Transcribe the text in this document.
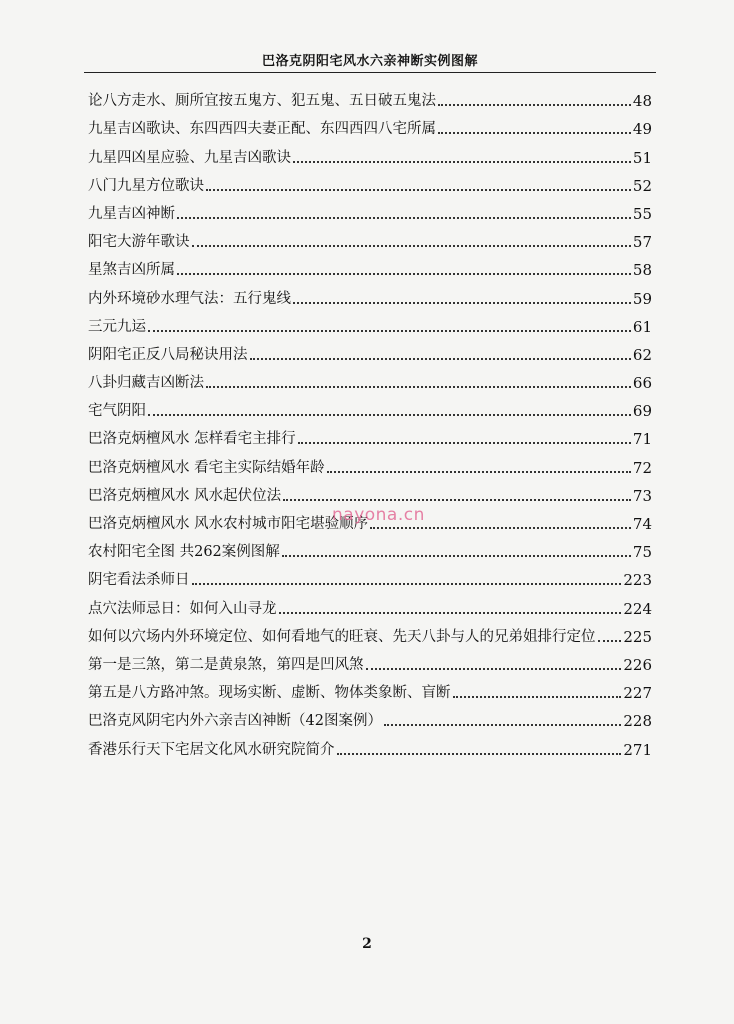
巴洛克阴阳宅风水六亲神断实例图解
论八方走水、厠所宜按五鬼方、犯五鬼、五日破五鬼法	48
九星吉凶歌诀、东四西四夫妻正配、东四西四八宅所属	49
九星四凶星应验、九星吉凶歌诀	51
八门九星方位歌诀	52
九星吉凶神断	55
阳宅大游年歌诀	57
星煞吉凶所属	58
内外环境砂水理气法：五行鬼线	59
三元九运	61
阴阳宅正反八局秘诀用法	62
八卦归藏吉凶断法	66
宅气阴阳	69
巴洛克炳檀风水 怎样看宅主排行	71
巴洛克炳檀风水 看宅主实际结婚年龄	72
巴洛克炳檀风水 风水起伏位法	73
巴洛克炳檀风水 风水农村城市阳宅堪验顺序	74
农村阳宅全图 共262案例图解	75
阴宅看法杀师日	223
点穴法师忌日：如何入山寻龙	224
如何以穴场内外环境定位、如何看地气的旺衰、先天八卦与人的兄弟姐排行定位 225
第一是三煞，第二是黄泉煞，第四是凹风煞	226
第五是八方路冲煞。现场实断、虚断、物体类象断、盲断	227
巴洛克风阴宅内外六亲吉凶神断（42图案例）	228
香港乐行天下宅居文化风水研究院简介	271
nayona.cn
2
